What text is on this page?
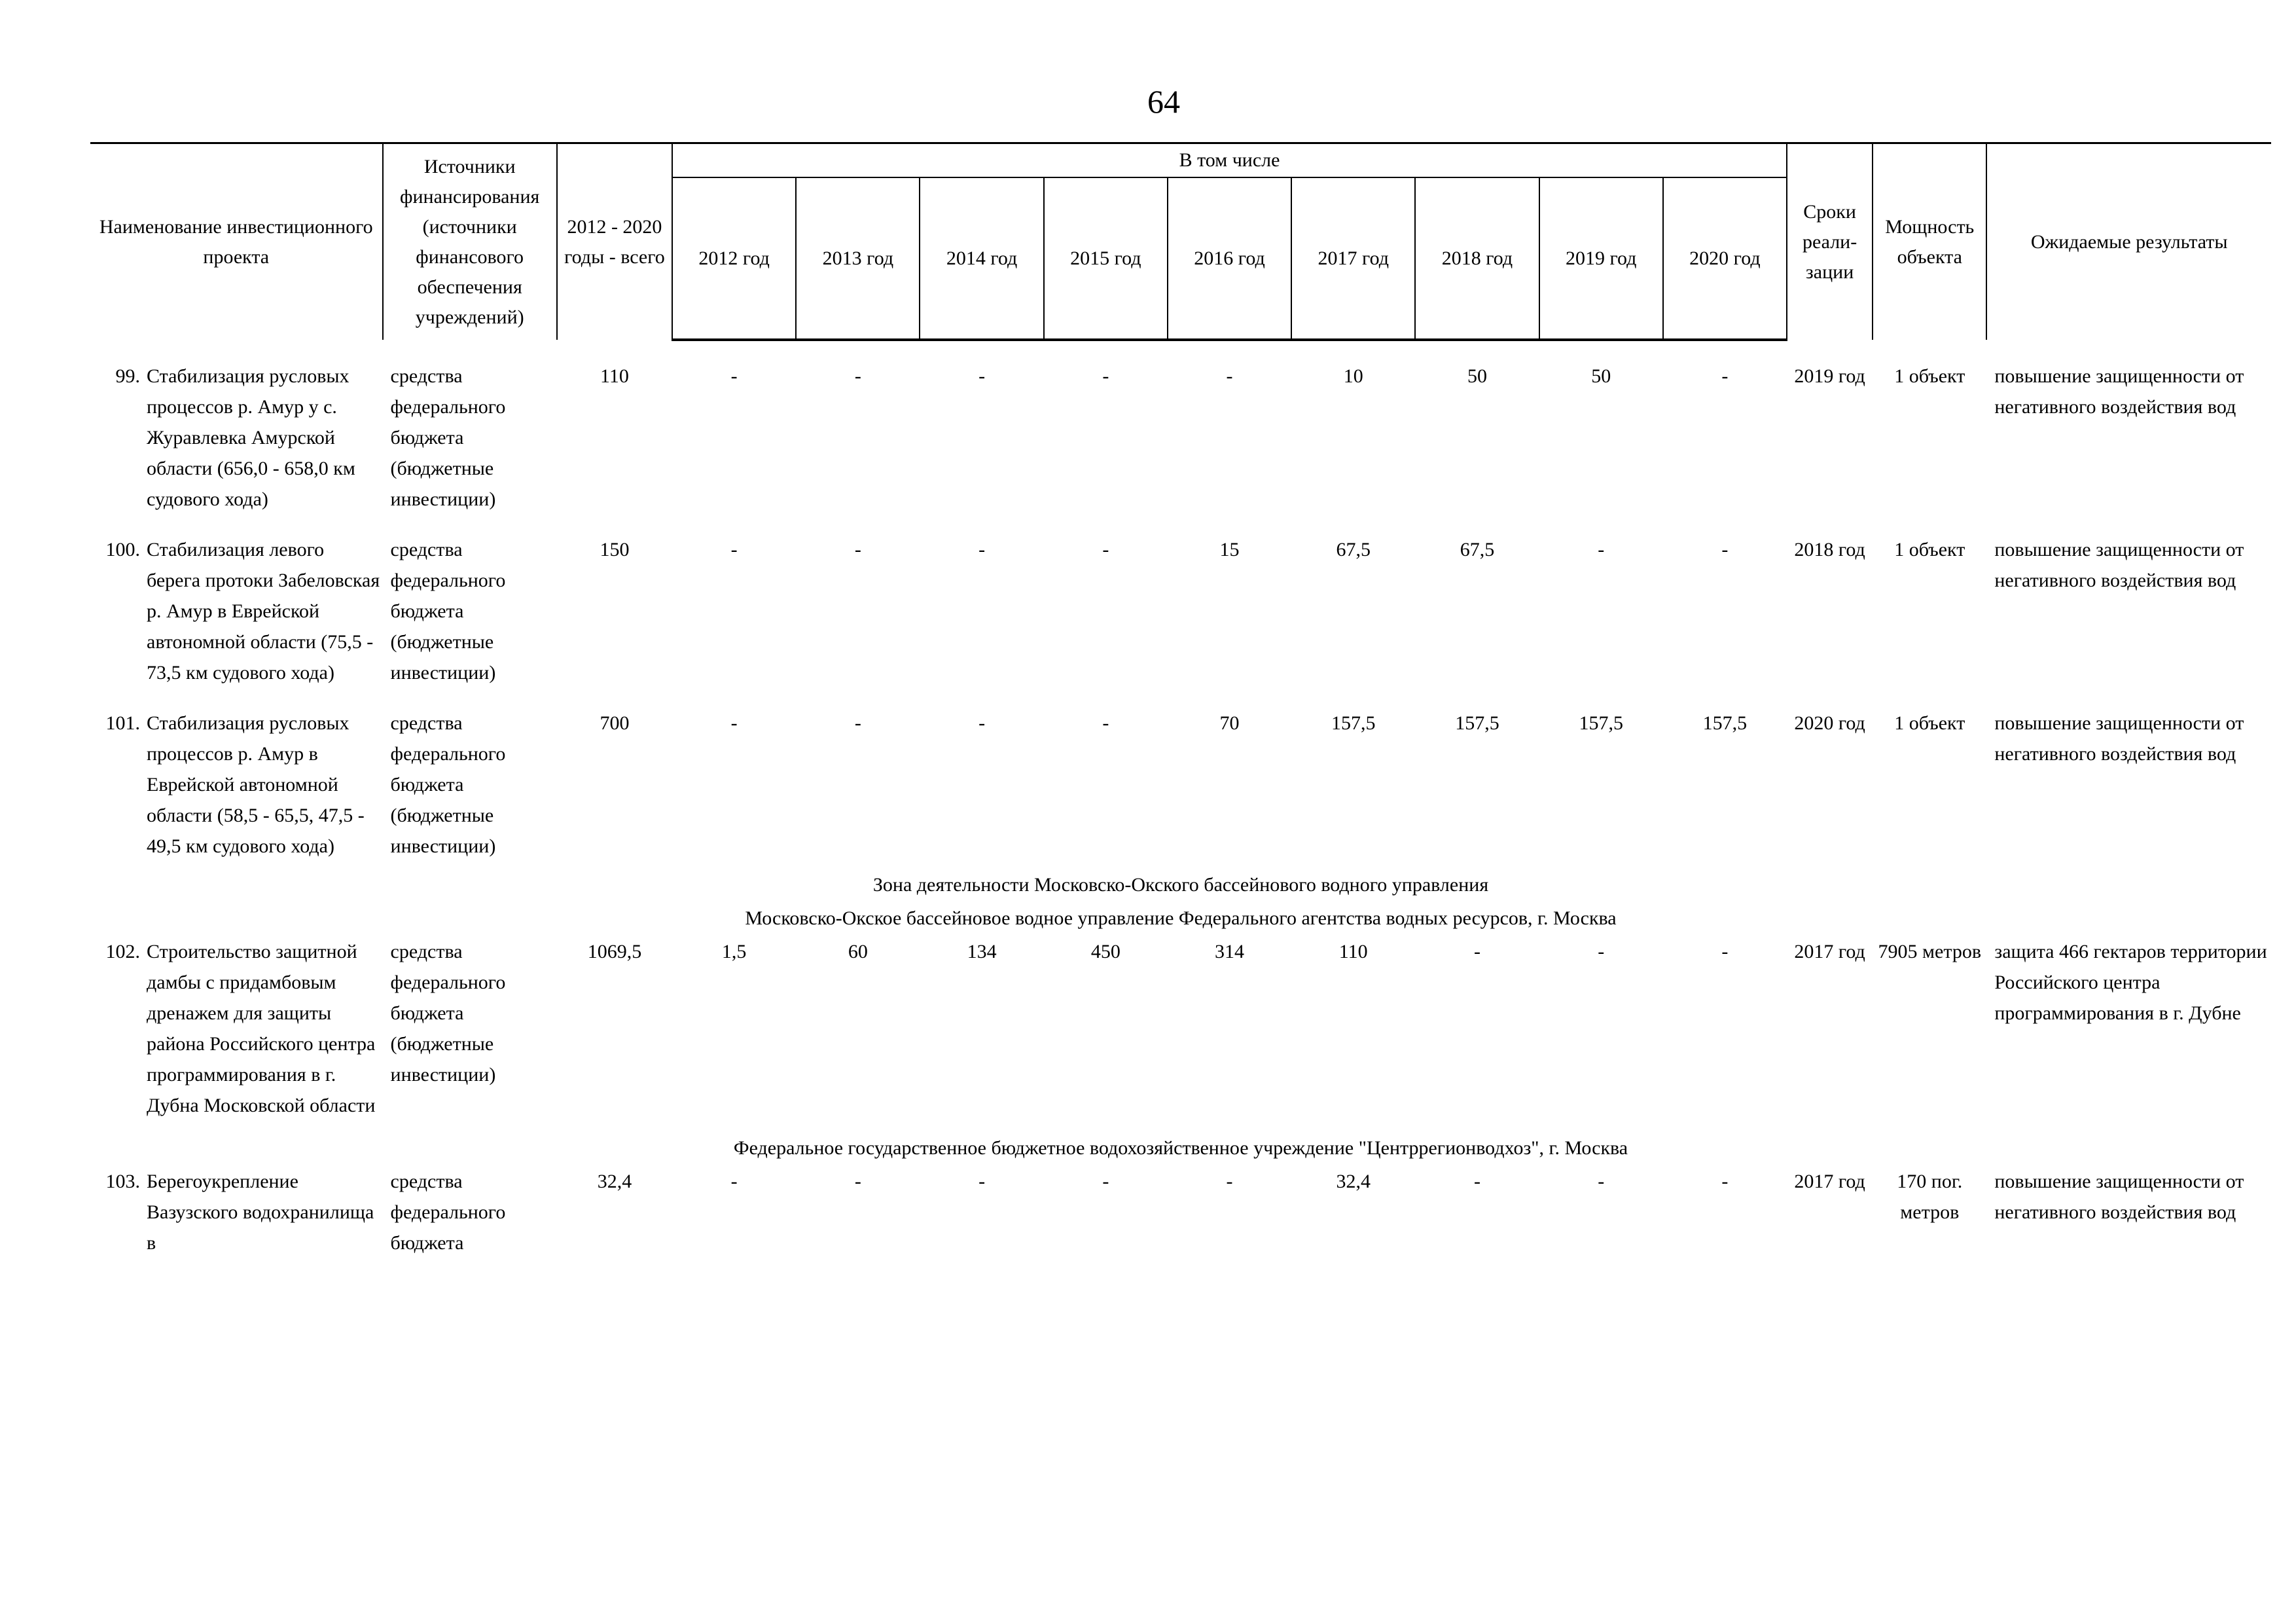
64
Наименование инвестиционного проекта	Источники финансирования (источники финансового обеспечения учреждений)	2012 - 2020 годы - всего	В том числе									Сроки реали-зации	Мощность объекта	Ожидаемые результаты
			2012 год	2013 год	2014 год	2015 год	2016 год	2017 год	2018 год	2019 год	2020 год			

99. Стабилизация русловых процессов р. Амур у с. Журавлевка Амурской области (656,0 - 658,0 км судового хода)	средства федерального бюджета (бюджетные инвестиции)	110	-	-	-	-	-	10	50	50	-	2019 год	1 объект	повышение защищенности от негативного воздействия вод

100. Стабилизация левого берега протоки Забеловская р. Амур в Еврейской автономной области (75,5 - 73,5 км судового хода)	средства федерального бюджета (бюджетные инвестиции)	150	-	-	-	-	15	67,5	67,5	-	-	2018 год	1 объект	повышение защищенности от негативного воздействия вод

101. Стабилизация русловых процессов р. Амур в Еврейской автономной области (58,5 - 65,5, 47,5 - 49,5 км судового хода)	средства федерального бюджета (бюджетные инвестиции)	700	-	-	-	-	70	157,5	157,5	157,5	157,5	2020 год	1 объект	повышение защищенности от негативного воздействия вод
Зона деятельности Московско-Окского бассейнового водного управления														
Московско-Окское бассейновое водное управление Федерального агентства водных ресурсов, г. Москва														

102. Строительство защитной дамбы с придамбовым дренажем для защиты района Российского центра программирования в г. Дубна Московской области	средства федерального бюджета (бюджетные инвестиции)	1069,5	1,5	60	134	450	314	110	-	-	-	2017 год	7905 метров	защита 466 гектаров территории Российского центра программирования в г. Дубне
Федеральное государственное бюджетное водохозяйственное учреждение "Центррегионводхоз", г. Москва														

103. Берегоукрепление Вазузского водохранилища в	средства федерального бюджета	32,4	-	-	-	-	-	32,4	-	-	-	2017 год	170 пог. метров	повышение защищенности от негативного воздействия вод
